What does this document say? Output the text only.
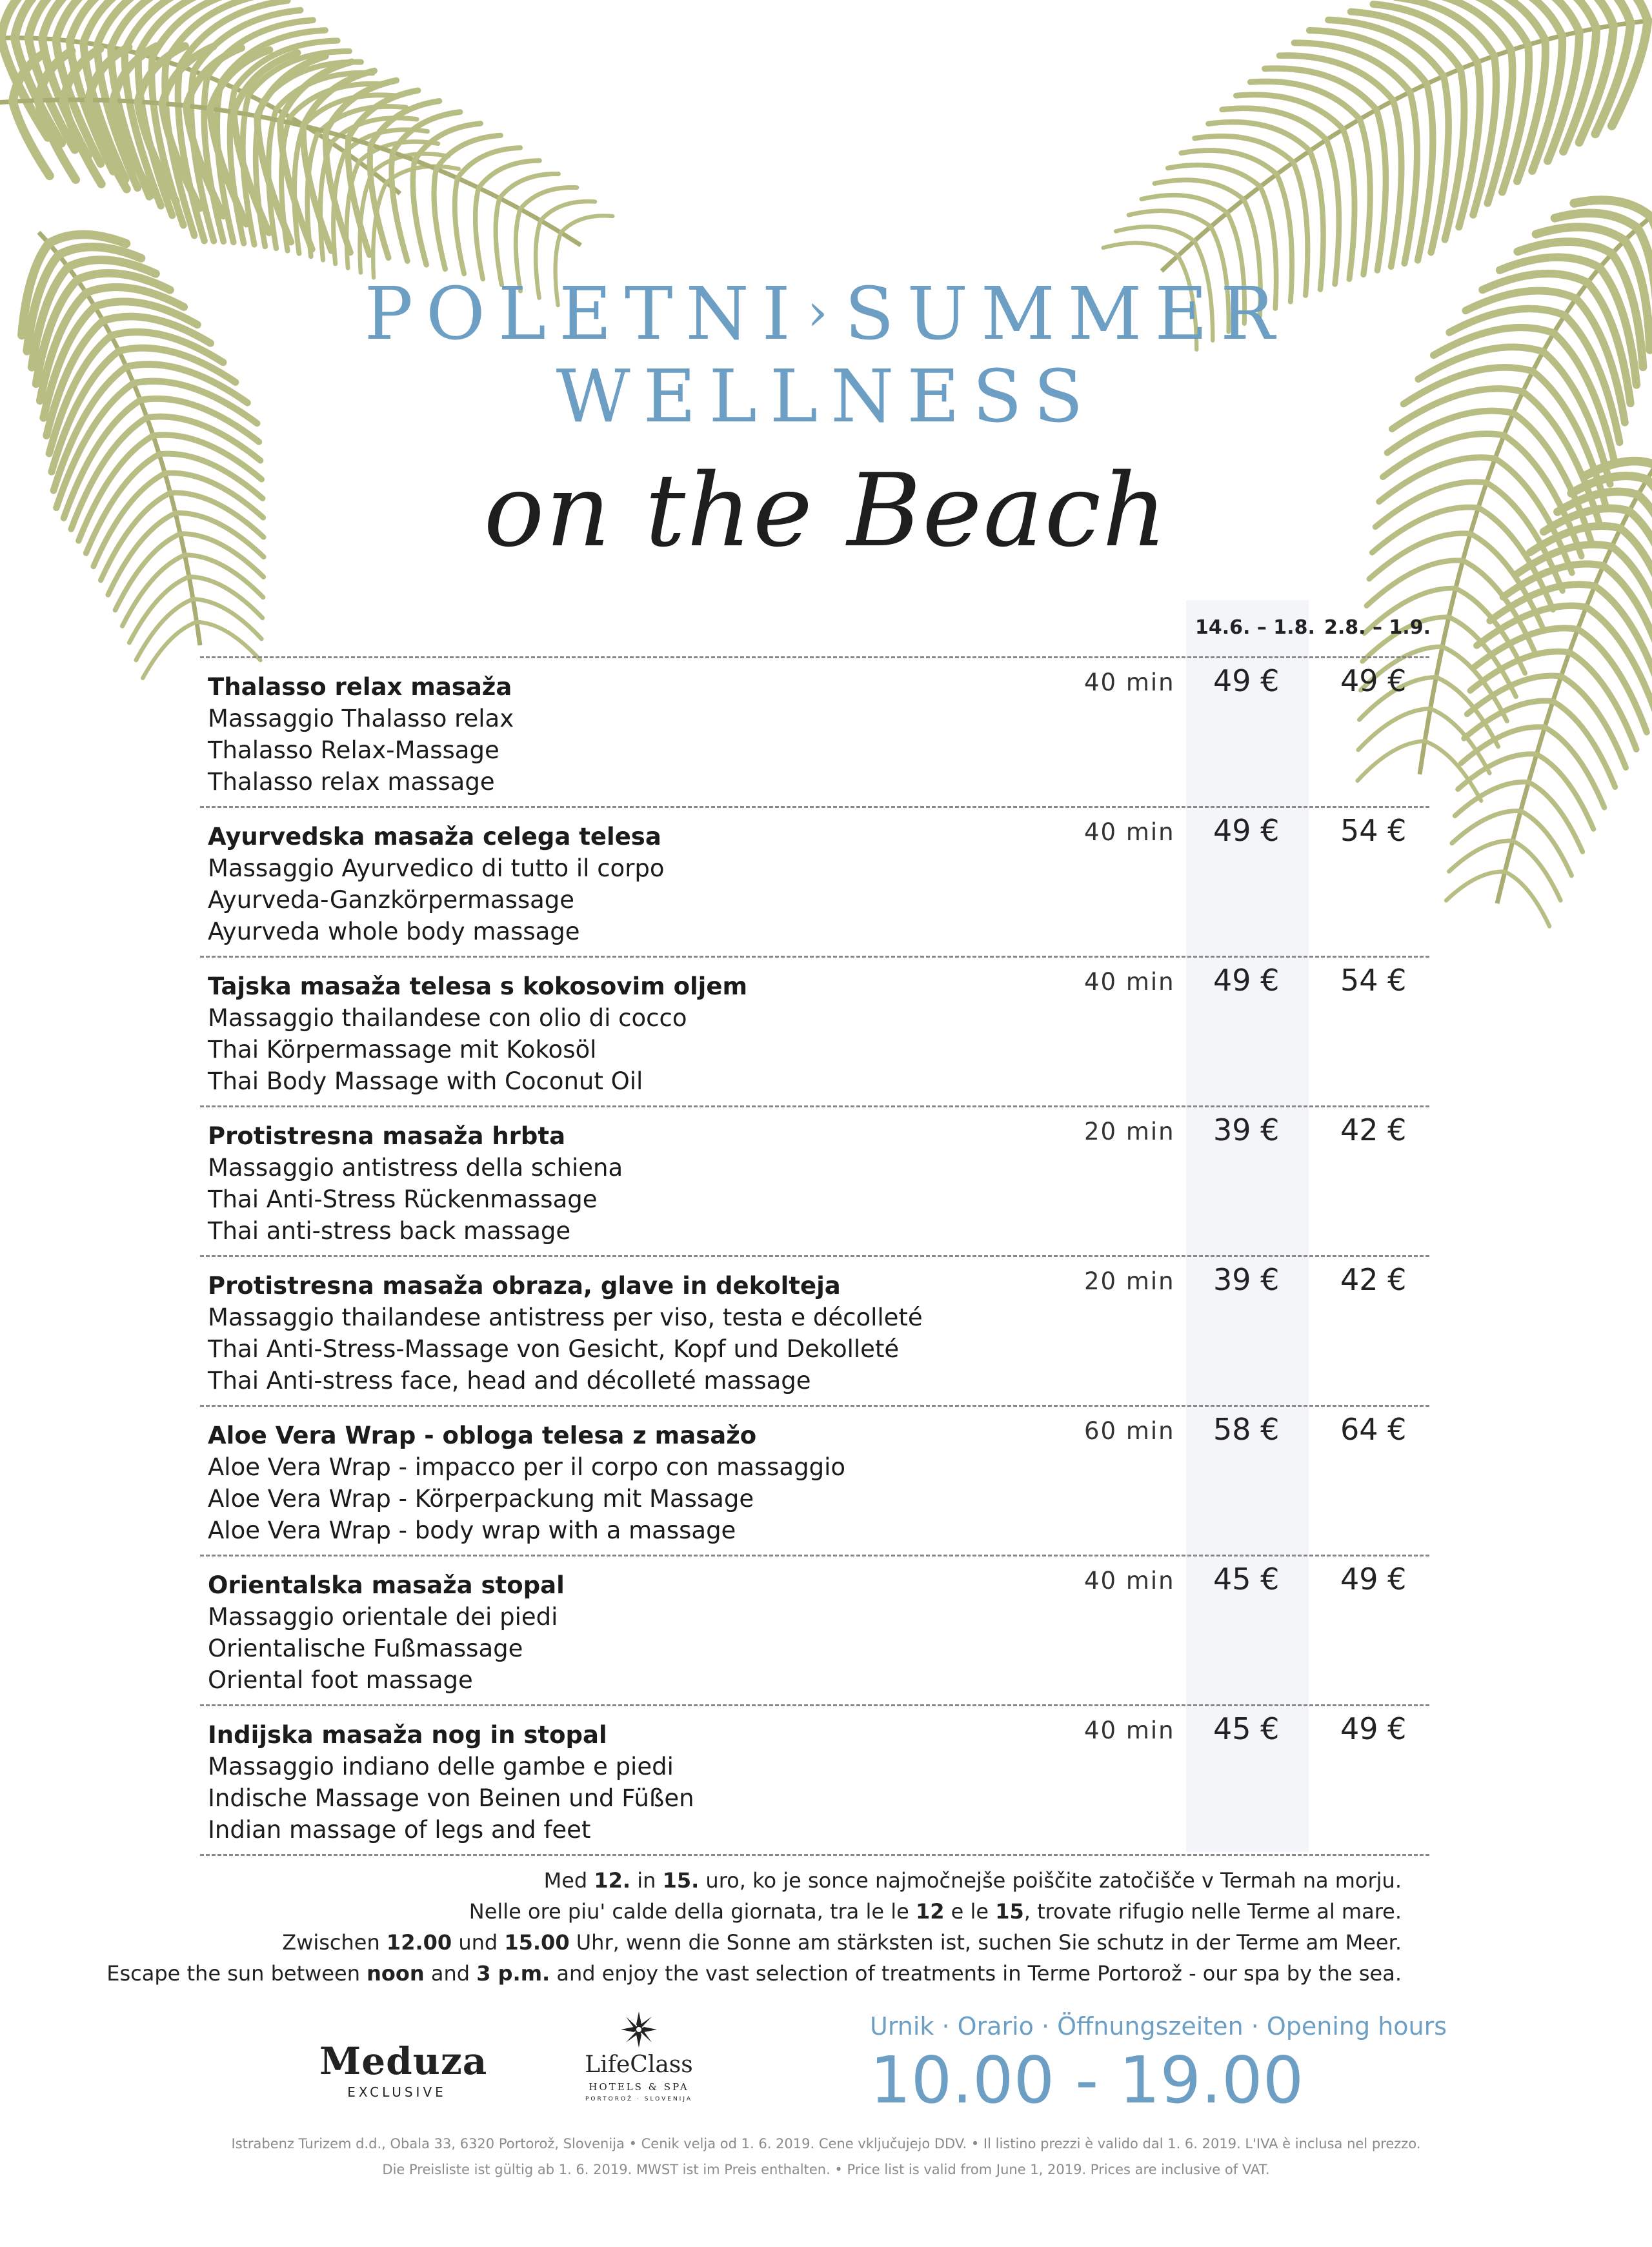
POLETNI›SUMMER
WELLNESS
on the Beach
14.6. – 1.8. 2.8. – 1.9.
Thalasso relax masaža
Massaggio Thalasso relax
Thalasso Relax-Massage
Thalasso relax massage
40 min 49 € 49 €
Ayurvedska masaža celega telesa
Massaggio Ayurvedico di tutto il corpo
Ayurveda-Ganzkörpermassage
Ayurveda whole body massage
40 min 49 € 54 €
Tajska masaža telesa s kokosovim oljem
Massaggio thailandese con olio di cocco
Thai Körpermassage mit Kokosöl
Thai Body Massage with Coconut Oil
40 min 49 € 54 €
Protistresna masaža hrbta
Massaggio antistress della schiena
Thai Anti-Stress Rückenmassage
Thai anti-stress back massage
20 min 39 € 42 €
Protistresna masaža obraza, glave in dekolteja
Massaggio thailandese antistress per viso, testa e décolleté
Thai Anti-Stress-Massage von Gesicht, Kopf und Dekolleté
Thai Anti-stress face, head and décolleté massage
20 min 39 € 42 €
Aloe Vera Wrap - obloga telesa z masažo
Aloe Vera Wrap - impacco per il corpo con massaggio
Aloe Vera Wrap - Körperpackung mit Massage
Aloe Vera Wrap - body wrap with a massage
60 min 58 € 64 €
Orientalska masaža stopal
Massaggio orientale dei piedi
Orientalische Fußmassage
Oriental foot massage
40 min 45 € 49 €
Indijska masaža nog in stopal
Massaggio indiano delle gambe e piedi
Indische Massage von Beinen und Füßen
Indian massage of legs and feet
40 min 45 € 49 €
Med 12. in 15. uro, ko je sonce najmočnejše poiščite zatočišče v Termah na morju.
Nelle ore piu' calde della giornata, tra le le 12 e le 15, trovate rifugio nelle Terme al mare.
Zwischen 12.00 und 15.00 Uhr, wenn die Sonne am stärksten ist, suchen Sie schutz in der Terme am Meer.
Escape the sun between noon and 3 p.m. and enjoy the vast selection of treatments in Terme Portorož - our spa by the sea.
Meduza
EXCLUSIVE
LifeClass
HOTELS & SPA
PORTOROŽ · SLOVENIJA
Urnik · Orario · Öffnungszeiten · Opening hours
10.00 - 19.00
Istrabenz Turizem d.d., Obala 33, 6320 Portorož, Slovenija • Cenik velja od 1. 6. 2019. Cene vključujejo DDV. • Il listino prezzi è valido dal 1. 6. 2019. L'IVA è inclusa nel prezzo.
Die Preisliste ist gültig ab 1. 6. 2019. MWST ist im Preis enthalten. • Price list is valid from June 1, 2019. Prices are inclusive of VAT.
